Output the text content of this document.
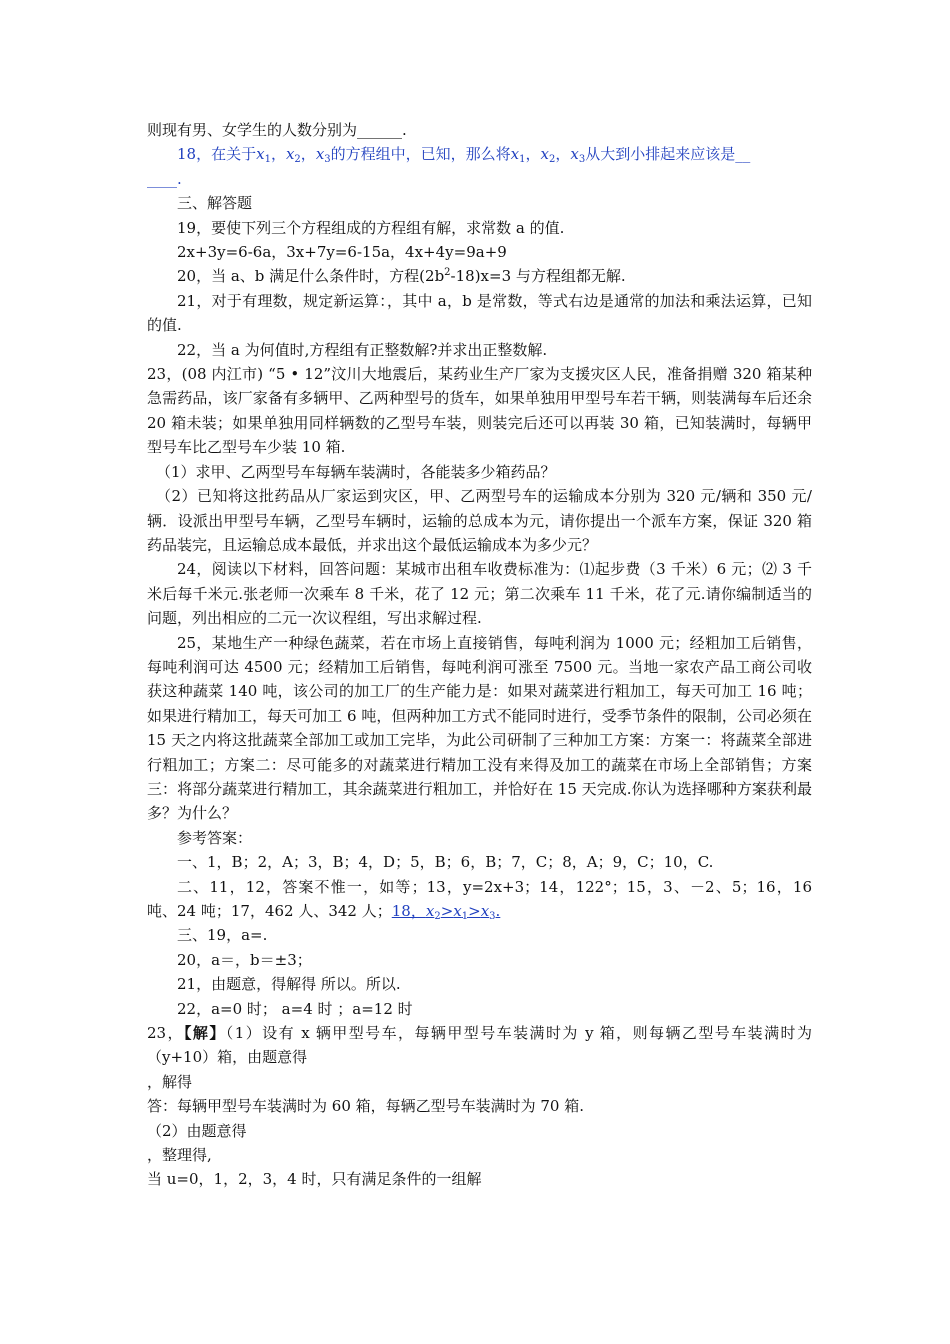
则现有男、女学生的人数分别为______.

18，在关于$x_1$，$x_2$，$x_3$的方程组中，已知，那么将$x_1$，$x_2$，$x_3$从大到小排起来应该是__

____.

三、解答题

19，要使下列三个方程组成的方程组有解，求常数 a 的值.

2x+3y=6-6a，3x+7y=6-15a，4x+4y=9a+9

20，当 a、b 满足什么条件时，方程$(2b^2-18)x=3$ 与方程组都无解.

21，对于有理数，规定新运算：，其中 a，b 是常数，等式右边是通常的加法和乘法运算，已知的值.

22，当 a 为何值时,方程组有正整数解?并求出正整数解.

23，(08 内江市) “5 • 12”汶川大地震后，某药业生产厂家为支援灾区人民，准备捐赠 320 箱某种急需药品，该厂家备有多辆甲、乙两种型号的货车，如果单独用甲型号车若干辆，则装满每车后还余 20 箱未装；如果单独用同样辆数的乙型号车装，则装完后还可以再装 30 箱，已知装满时，每辆甲型号车比乙型号车少装 10 箱.

（1）求甲、乙两型号车每辆车装满时，各能装多少箱药品？

（2）已知将这批药品从厂家运到灾区，甲、乙两型号车的运输成本分别为 320 元/辆和 350 元/辆．设派出甲型号车辆，乙型号车辆时，运输的总成本为元，请你提出一个派车方案，保证 320 箱药品装完，且运输总成本最低，并求出这个最低运输成本为多少元？

24，阅读以下材料，回答问题：某城市出租车收费标准为：⑴起步费（3 千米）6 元；⑵ 3 千米后每千米元.张老师一次乘车 8 千米，花了 12 元；第二次乘车 11 千米，花了元.请你编制适当的问题，列出相应的二元一次议程组，写出求解过程.

25，某地生产一种绿色蔬菜，若在市场上直接销售，每吨利润为 1000 元；经粗加工后销售，每吨利润可达 4500 元；经精加工后销售，每吨利润可涨至 7500 元。当地一家农产品工商公司收获这种蔬菜 140 吨，该公司的加工厂的生产能力是：如果对蔬菜进行粗加工，每天可加工 16 吨；如果进行精加工，每天可加工 6 吨，但两种加工方式不能同时进行，受季节条件的限制，公司必须在 15 天之内将这批蔬菜全部加工或加工完毕，为此公司研制了三种加工方案：方案一：将蔬菜全部进行粗加工；方案二：尽可能多的对蔬菜进行精加工没有来得及加工的蔬菜在市场上全部销售；方案三：将部分蔬菜进行精加工，其余蔬菜进行粗加工，并恰好在 15 天完成.你认为选择哪种方案获利最多？为什么？

参考答案：

一、1，B；2，A；3，B；4，D；5，B；6，B；7，C；8，A；9，C；10，C.

二、11，12，答案不惟一，如等；13，y=2x+3；14，122°；15，3、－2、5；16，16 吨、24 吨；17，462 人、342 人；18，$x_2>x_1>x_3$.

三、19，a=.

20，a＝，b＝±3；

21，由题意，得解得 所以。所以.

22，a=0 时； a=4 时 ；a=12 时

23，【解】（1）设有 x 辆甲型号车，每辆甲型号车装满时为 y 箱，则每辆乙型号车装满时为（y+10）箱，由题意得

，解得

答：每辆甲型号车装满时为 60 箱，每辆乙型号车装满时为 70 箱.

（2）由题意得

，整理得,

当 u=0，1，2，3，4 时，只有满足条件的一组解
